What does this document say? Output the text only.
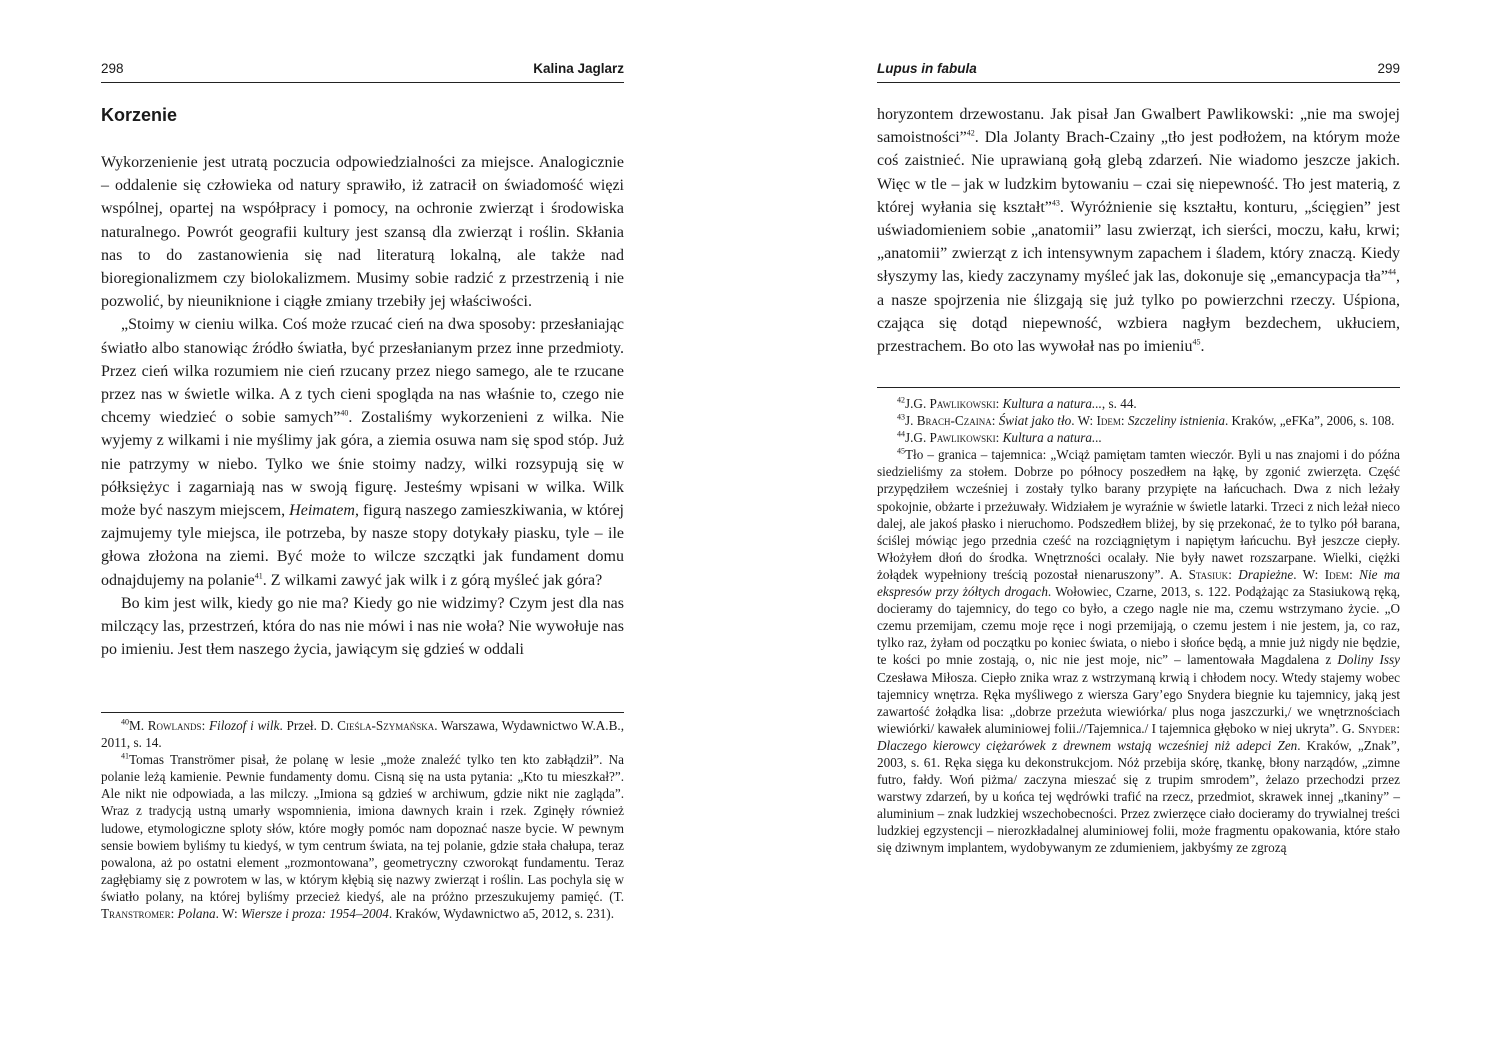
298	Kalina Jaglarz
Korzenie

Wykorzenienie jest utratą poczucia odpowiedzialności za miejsce. Analogicznie – oddalenie się człowieka od natury sprawiło, iż zatracił on świadomość więzi wspólnej, opartej na współpracy i pomocy, na ochronie zwierząt i środowiska naturalnego. Powrót geografii kultury jest szansą dla zwierząt i roślin. Skłania nas to do zastanowienia się nad literaturą lokalną, ale także nad bioregionalizmem czy biolokalizmem. Musimy sobie radzić z przestrzenią i nie pozwolić, by nieuniknione i ciągłe zmiany trzebiły jej właściwości.

„Stoimy w cieniu wilka. Coś może rzucać cień na dwa sposoby: przesłaniając światło albo stanowiąc źródło światła, być przesłanianym przez inne przedmioty. Przez cień wilka rozumiem nie cień rzucany przez niego samego, ale te rzucane przez nas w świetle wilka. A z tych cieni spogląda na nas właśnie to, czego nie chcemy wiedzieć o sobie samych”$^{40}$. Zostaliśmy wykorzenieni z wilka. Nie wyjemy z wilkami i nie myślimy jak góra, a ziemia osuwa nam się spod stóp. Już nie patrzymy w niebo. Tylko we śnie stoimy nadzy, wilki rozsypują się w półksiężyc i zagarniają nas w swoją figurę. Jesteśmy wpisani w wilka. Wilk może być naszym miejscem, Heimatem, figurą naszego zamieszkiwania, w której zajmujemy tyle miejsca, ile potrzeba, by nasze stopy dotykały piasku, tyle – ile głowa złożona na ziemi. Być może to wilcze szczątki jak fundament domu odnajdujemy na polanie$^{41}$. Z wilkami zawyć jak wilk i z górą myśleć jak góra?

Bo kim jest wilk, kiedy go nie ma? Kiedy go nie widzimy? Czym jest dla nas milczący las, przestrzeń, która do nas nie mówi i nas nie woła? Nie wywołuje nas po imieniu. Jest tłem naszego życia, jawiącym się gdzieś w oddali

$^{40}$M. Rowlands: Filozof i wilk. Przeł. D. Cieśla-Szymańska. Warszawa, Wydawnictwo W.A.B., 2011, s. 14.

$^{41}$Tomas Tranströmer pisał, że polanę w lesie „może znaleźć tylko ten kto zabłądził”. Na polanie leżą kamienie. Pewnie fundamenty domu. Cisną się na usta pytania: „Kto tu mieszkał?”. Ale nikt nie odpowiada, a las milczy. „Imiona są gdzieś w archiwum, gdzie nikt nie zagląda”. Wraz z tradycją ustną umarły wspomnienia, imiona dawnych krain i rzek. Zginęły również ludowe, etymologiczne sploty słów, które mogły pomóc nam dopoznać nasze bycie. W pewnym sensie bowiem byliśmy tu kiedyś, w tym centrum świata, na tej polanie, gdzie stała chałupa, teraz powalona, aż po ostatni element „rozmontowana”, geometryczny czworokąt fundamentu. Teraz zagłębiamy się z powrotem w las, w którym kłębią się nazwy zwierząt i roślin. Las pochyla się w światło polany, na której byliśmy przecież kiedyś, ale na próżno przeszukujemy pamięć. (T. Transtromer: Polana. W: Wiersze i proza: 1954–2004. Kraków, Wydawnictwo a5, 2012, s. 231).

Lupus in fabula	299

horyzontem drzewostanu. Jak pisał Jan Gwalbert Pawlikowski: „nie ma swojej samoistności”$^{42}$. Dla Jolanty Brach-Czainy „tło jest podłożem, na którym może coś zaistnieć. Nie uprawianą gołą glebą zdarzeń. Nie wiadomo jeszcze jakich. Więc w tle – jak w ludzkim bytowaniu – czai się niepewność. Tło jest materią, z której wyłania się kształt”$^{43}$. Wyróżnienie się kształtu, konturu, „ścięgien” jest uświadomieniem sobie „anatomii” lasu zwierząt, ich sierści, moczu, kału, krwi; „anatomii” zwierząt z ich intensywnym zapachem i śladem, który znaczą. Kiedy słyszymy las, kiedy zaczynamy myśleć jak las, dokonuje się „emancypacja tła”$^{44}$, a nasze spojrzenia nie ślizgają się już tylko po powierzchni rzeczy. Uśpiona, czająca się dotąd niepewność, wzbiera nagłym bezdechem, ukłuciem, przestrachem. Bo oto las wywołał nas po imieniu$^{45}$.

$^{42}$J.G. Pawlikowski: Kultura a natura..., s. 44.

$^{43}$J. Brach-Czaina: Świat jako tło. W: Idem: Szczeliny istnienia. Kraków, „eFKa”, 2006, s. 108.

$^{44}$J.G. Pawlikowski: Kultura a natura...

$^{45}$Tło – granica – tajemnica: „Wciąż pamiętam tamten wieczór. Byli u nas znajomi i do późna siedzieliśmy za stołem. Dobrze po północy poszedłem na łąkę, by zgonić zwierzęta. Część przypędziłem wcześniej i zostały tylko barany przypięte na łańcuchach. Dwa z nich leżały spokojnie, obżarte i przeżuwały. Widziałem je wyraźnie w świetle latarki. Trzeci z nich leżał nieco dalej, ale jakoś płasko i nieruchomo. Podszedłem bliżej, by się przekonać, że to tylko pół barana, ściślej mówiąc jego przednia cześć na rozciągniętym i napiętym łańcuchu. Był jeszcze ciepły. Włożyłem dłoń do środka. Wnętrzności ocalały. Nie były nawet rozszarpane. Wielki, ciężki żołądek wypełniony treścią pozostał nienaruszony”. A. Stasiuk: Drapieżne. W: Idem: Nie ma ekspresów przy żółtych drogach. Wołowiec, Czarne, 2013, s. 122. Podążając za Stasiukową ręką, docieramy do tajemnicy, do tego co było, a czego nagle nie ma, czemu wstrzymano życie. „O czemu przemijam, czemu moje ręce i nogi przemijają, o czemu jestem i nie jestem, ja, co raz, tylko raz, żyłam od początku po koniec świata, o niebo i słońce będą, a mnie już nigdy nie będzie, te kości po mnie zostają, o, nic nie jest moje, nic” – lamentowała Magdalena z Doliny Issy Czesława Miłosza. Ciepło znika wraz z wstrzymaną krwią i chłodem nocy. Wtedy stajemy wobec tajemnicy wnętrza. Ręka myśliwego z wiersza Gary’ego Snydera biegnie ku tajemnicy, jaką jest zawartość żołądka lisa: „dobrze przeżuta wiewiórka/ plus noga jaszczurki,/ we wnętrznościach wiewiórki/ kawałek aluminiowej folii.//Tajemnica./ I tajemnica głęboko w niej ukryta”. G. Snyder: Dlaczego kierowcy ciężarówek z drewnem wstają wcześniej niż adepci Zen. Kraków, „Znak”, 2003, s. 61. Ręka sięga ku dekonstrukcjom. Nóż przebija skórę, tkankę, błony narządów, „zimne futro, fałdy. Woń piżma/ zaczyna mieszać się z trupim smrodem”, żelazo przechodzi przez warstwy zdarzeń, by u końca tej wędrówki trafić na rzecz, przedmiot, skrawek innej „tkaniny” – aluminium – znak ludzkiej wszechobecności. Przez zwierzęce ciało docieramy do trywialnej treści ludzkiej egzystencji – nierozkładalnej aluminiowej folii, może fragmentu opakowania, które stało się dziwnym implantem, wydobywanym ze zdumieniem, jakbyśmy ze zgrozą
